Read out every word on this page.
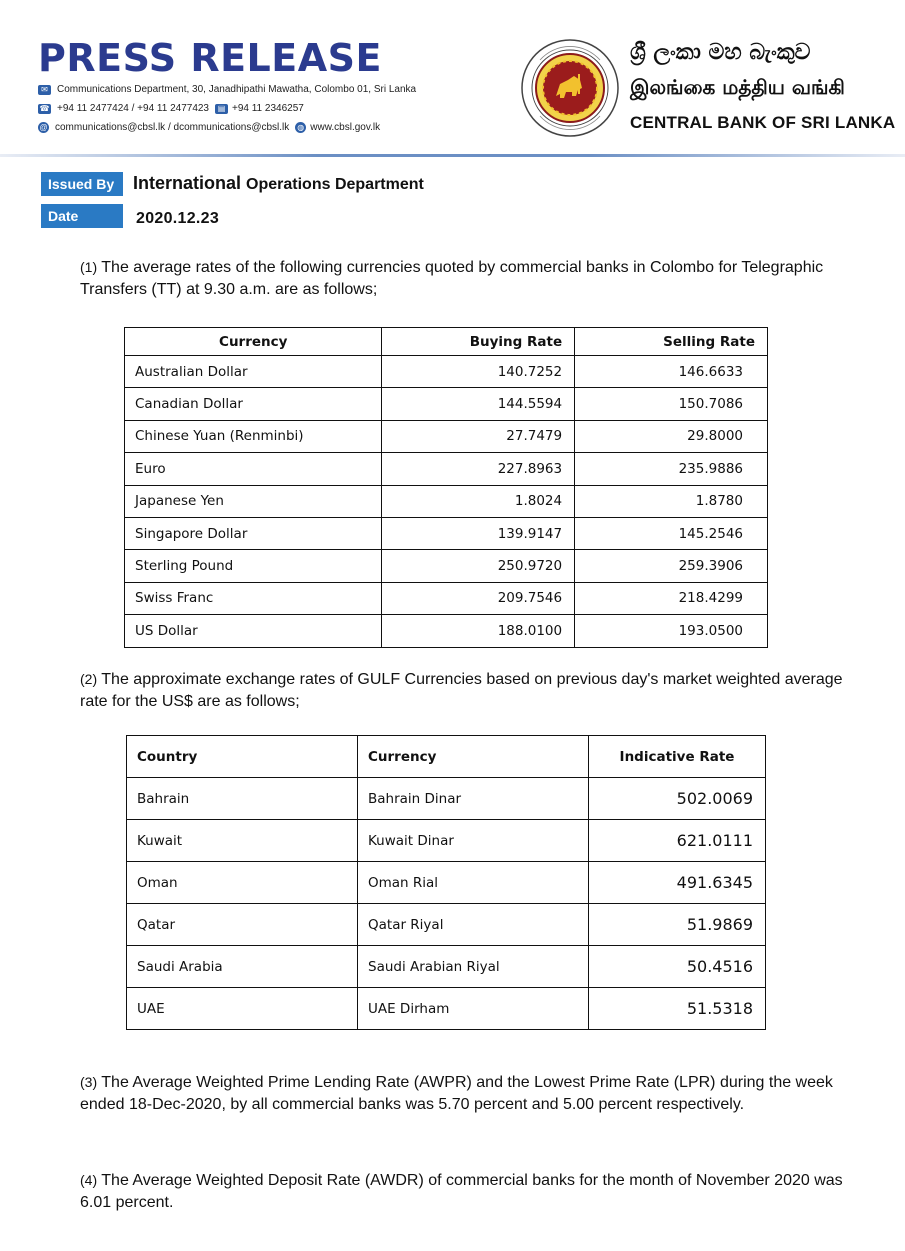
PRESS RELEASE
✉ Communications Department, 30, Janadhipathi Mawatha, Colombo 01, Sri Lanka
☎ +94 11 2477424 / +94 11 2477423	▤ +94 11 2346257
@ communications@cbsl.lk / dcommunications@cbsl.lk ◍ www.cbsl.gov.lk
ශ්‍රී ලංකා මහ බැංකුව
இலங்கை மத்திய வங்கி
CENTRAL BANK OF SRI LANKA
Issued By	International Operations Department
Date	2020.12.23
(1) The average rates of the following currencies quoted by commercial banks in Colombo for Telegraphic Transfers (TT) at 9.30 a.m. are as follows;
Currency	Buying Rate	Selling Rate
Australian Dollar	140.7252	146.6633
Canadian Dollar	144.5594	150.7086
Chinese Yuan (Renminbi)	27.7479	29.8000
Euro	227.8963	235.9886
Japanese Yen	1.8024	1.8780
Singapore Dollar	139.9147	145.2546
Sterling Pound	250.9720	259.3906
Swiss Franc	209.7546	218.4299
US Dollar	188.0100	193.0500
(2) The approximate exchange rates of GULF Currencies based on previous day's market weighted average rate for the US$ are as follows;
Country	Currency	Indicative Rate
Bahrain	Bahrain Dinar	502.0069
Kuwait	Kuwait Dinar	621.0111
Oman	Oman Rial	491.6345
Qatar	Qatar Riyal	51.9869
Saudi Arabia	Saudi Arabian Riyal	50.4516
UAE	UAE Dirham	51.5318
(3) The Average Weighted Prime Lending Rate (AWPR) and the Lowest Prime Rate (LPR) during the week ended 18-Dec-2020, by all commercial banks was 5.70 percent and 5.00 percent respectively.
(4) The Average Weighted Deposit Rate (AWDR) of commercial banks for the month of November 2020 was 6.01 percent.
